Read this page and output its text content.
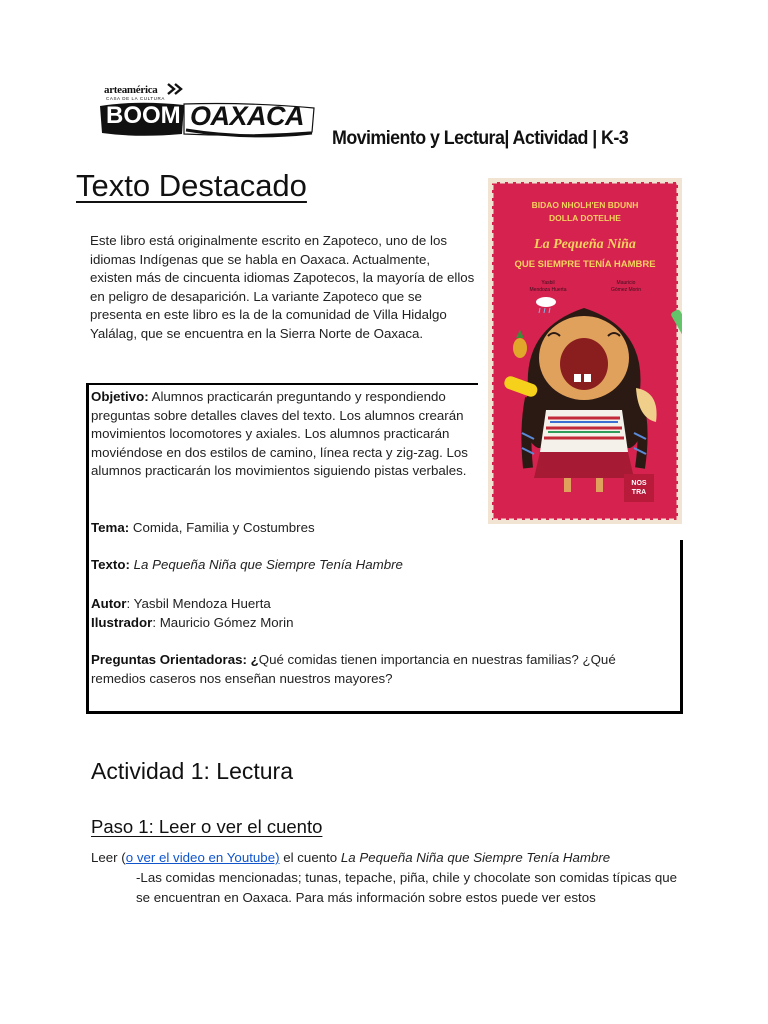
arteamérica
CASA DE LA CULTURA
BOOM OAXACA
Movimiento y Lectura| Actividad | K-3
Texto Destacado
Este libro está originalmente escrito en Zapoteco, uno de los idiomas Indígenas que se habla en Oaxaca. Actualmente, existen más de cincuenta idiomas Zapotecos, la mayoría de ellos en peligro de desaparición. La variante Zapoteco que se presenta en este libro es la de la comunidad de Villa Hidalgo Yalálag, que se encuentra en la Sierra Norte de Oaxaca.
BIDAO NHOLH'EN BDUNH
DOLLA DOTELHE
La Pequeña Niña
QUE SIEMPRE TENÍA HAMBRE
Yasbil
Mendoza Huerta
Mauricio
Gómez Morin
NOS
TRA
Objetivo: Alumnos practicarán preguntando y respondiendo preguntas sobre detalles claves del texto. Los alumnos crearán movimientos locomotores y axiales. Los alumnos practicarán moviéndose en dos estilos de camino, línea recta y zig-zag. Los alumnos practicarán los movimientos siguiendo pistas verbales.
Tema: Comida, Familia y Costumbres
Texto: La Pequeña Niña que Siempre Tenía Hambre
Autor: Yasbil Mendoza Huerta
Ilustrador: Mauricio Gómez Morin
Preguntas Orientadoras: ¿Qué comidas tienen importancia en nuestras familias? ¿Qué remedios caseros nos enseñan nuestros mayores?
Actividad 1: Lectura
Paso 1: Leer o ver el cuento
Leer (o ver el video en Youtube) el cuento La Pequeña Niña que Siempre Tenía Hambre
-Las comidas mencionadas; tunas, tepache, piña, chile y chocolate son comidas típicas que se encuentran en Oaxaca. Para más información sobre estos puede ver estos
